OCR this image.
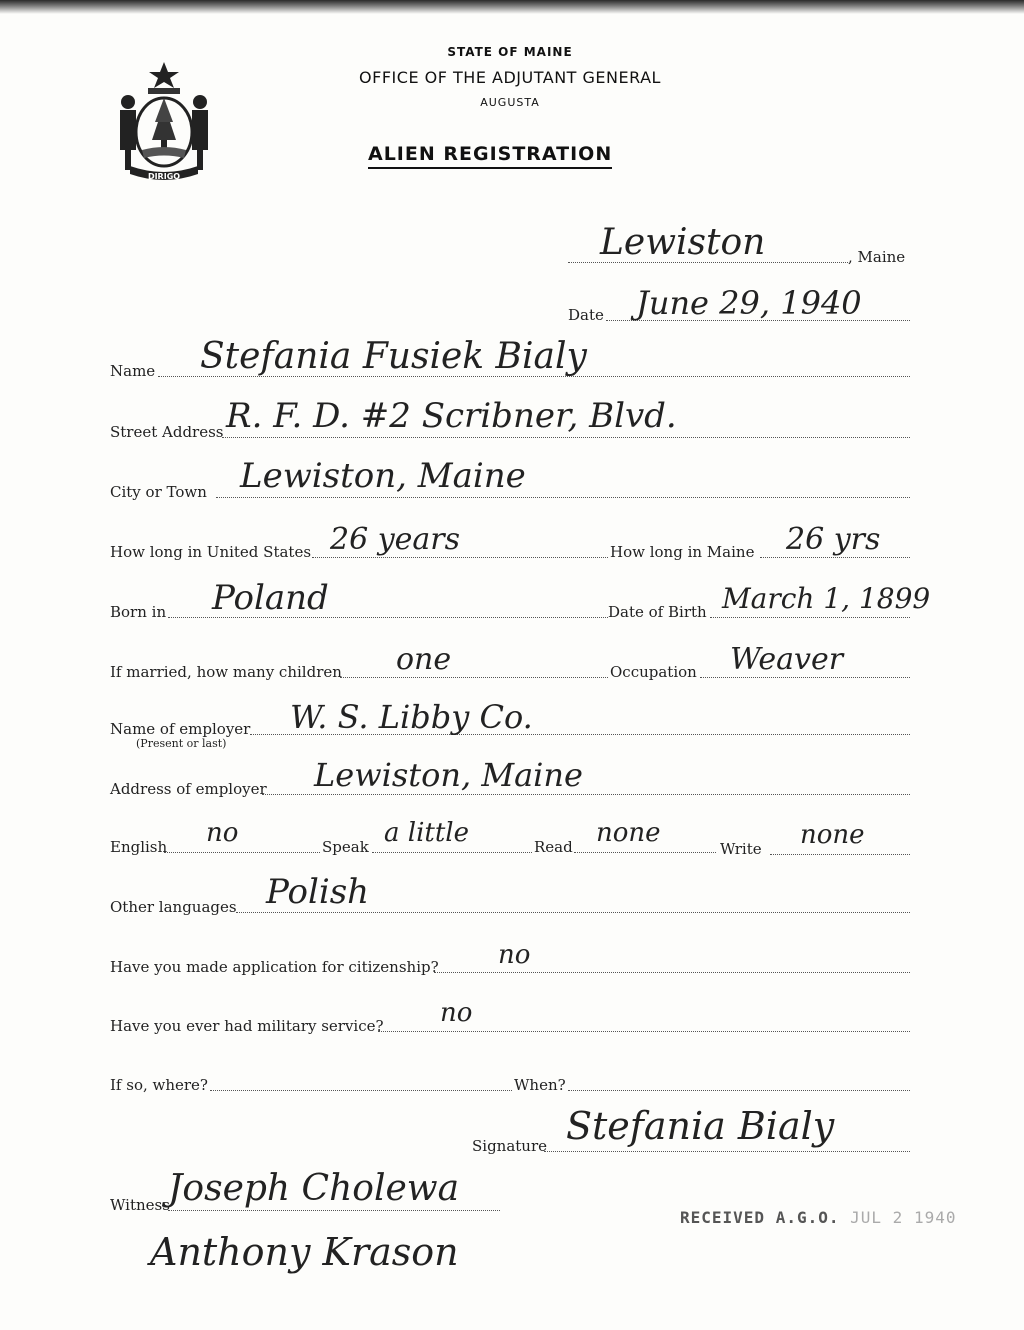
DIRIGO
STATE OF MAINE
OFFICE OF THE ADJUTANT GENERAL
AUGUSTA
ALIEN REGISTRATION
Lewiston	, Maine
Date June 29, 1940
Name Stefania Fusiek Bialy
Street Address R. F. D. #2 Scribner, Blvd.
City or Town Lewiston, Maine
How long in United States 26 years	How long in Maine 26 yrs
Born in Poland	Date of Birth March 1, 1899
If married, how many children one	Occupation Weaver
Name of employer
(Present or last)
W. S. Libby Co.
Address of employer Lewiston, Maine
English no	Speak a little	Read none
Write none
Other languages Polish
Have you made application for citizenship? no
Have you ever had military service? no
If so, where?	When?
Signature Stefania Bialy
Witness
Joseph Cholewa
Anthony Krason
RECEIVED A.G.O. JUL 2 1940
